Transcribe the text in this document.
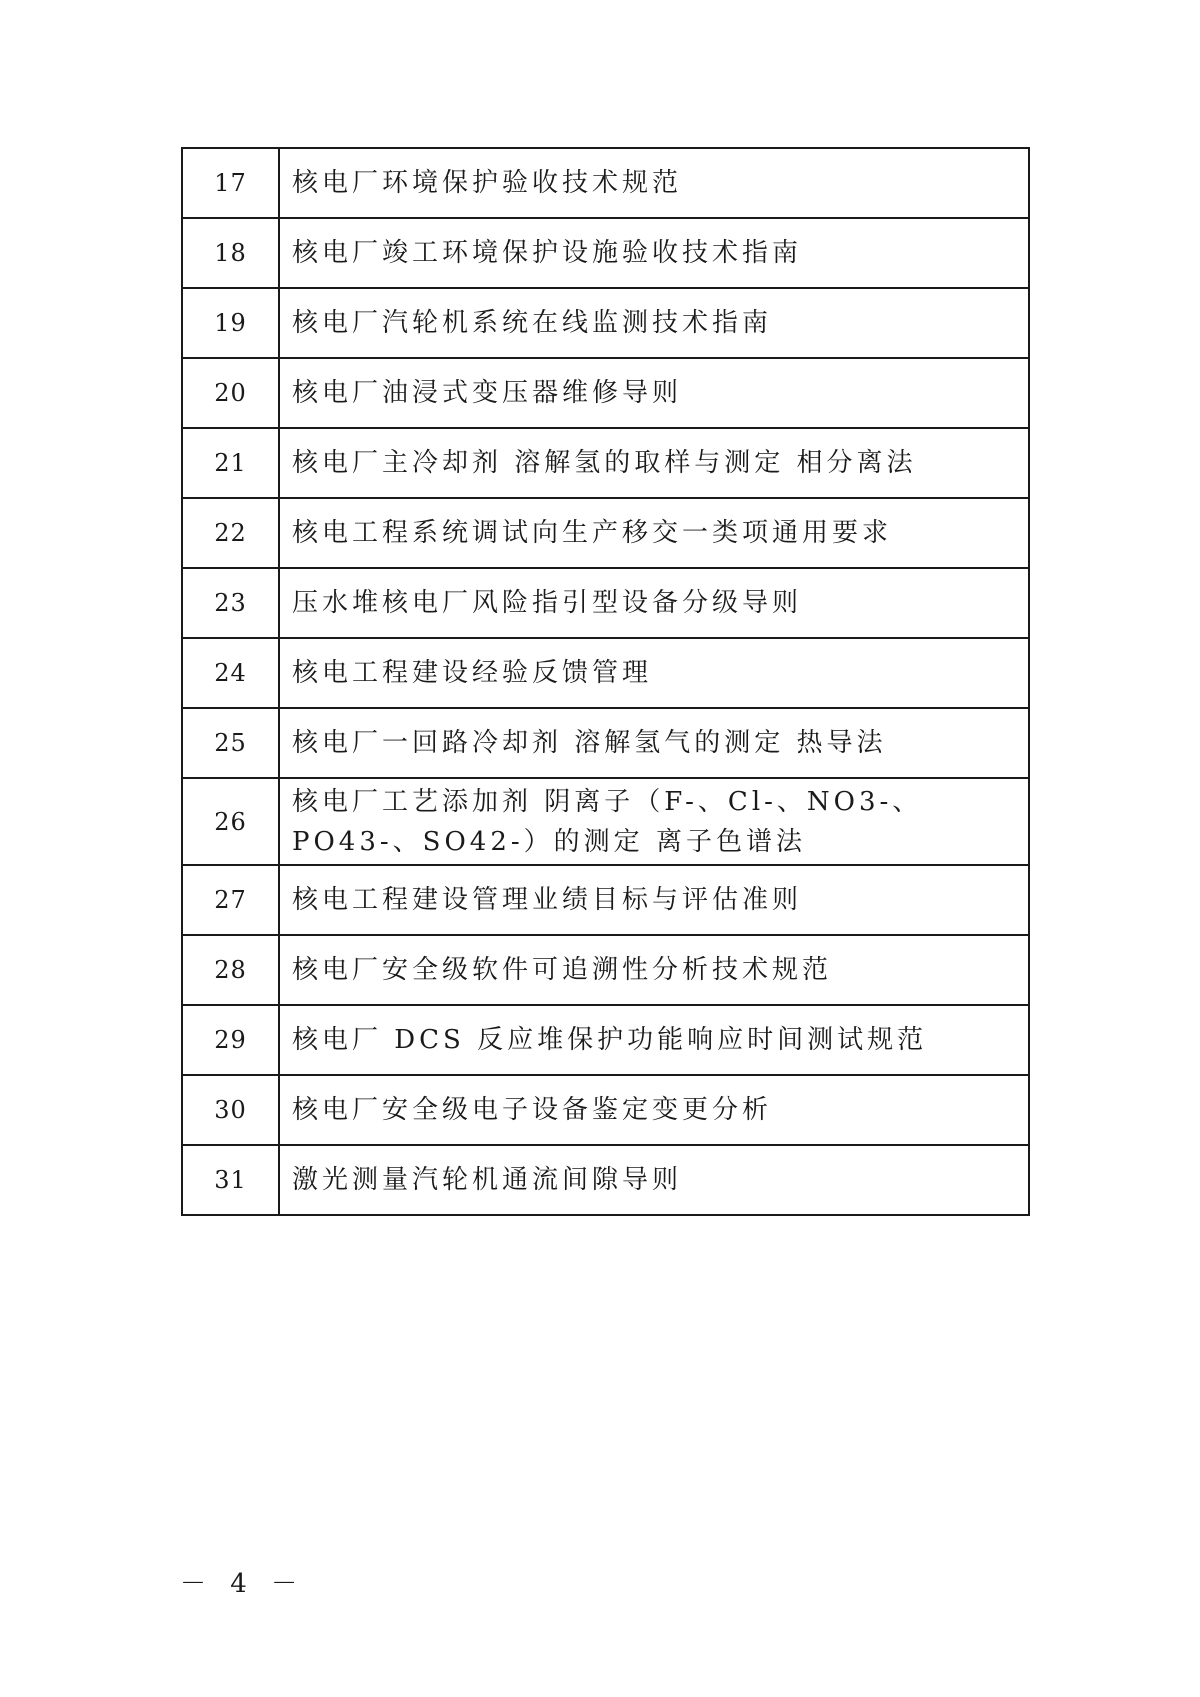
17	核电厂环境保护验收技术规范
18	核电厂竣工环境保护设施验收技术指南
19	核电厂汽轮机系统在线监测技术指南
20	核电厂油浸式变压器维修导则
21	核电厂主冷却剂 溶解氢的取样与测定 相分离法
22	核电工程系统调试向生产移交一类项通用要求
23	压水堆核电厂风险指引型设备分级导则
24	核电工程建设经验反馈管理
25	核电厂一回路冷却剂 溶解氢气的测定 热导法
26	核电厂工艺添加剂 阴离子（F-、Cl-、NO3-、PO43-、SO42-）的测定 离子色谱法
27	核电工程建设管理业绩目标与评估准则
28	核电厂安全级软件可追溯性分析技术规范
29	核电厂 DCS 反应堆保护功能响应时间测试规范
30	核电厂安全级电子设备鉴定变更分析
31	激光测量汽轮机通流间隙导则
－ 4 －
